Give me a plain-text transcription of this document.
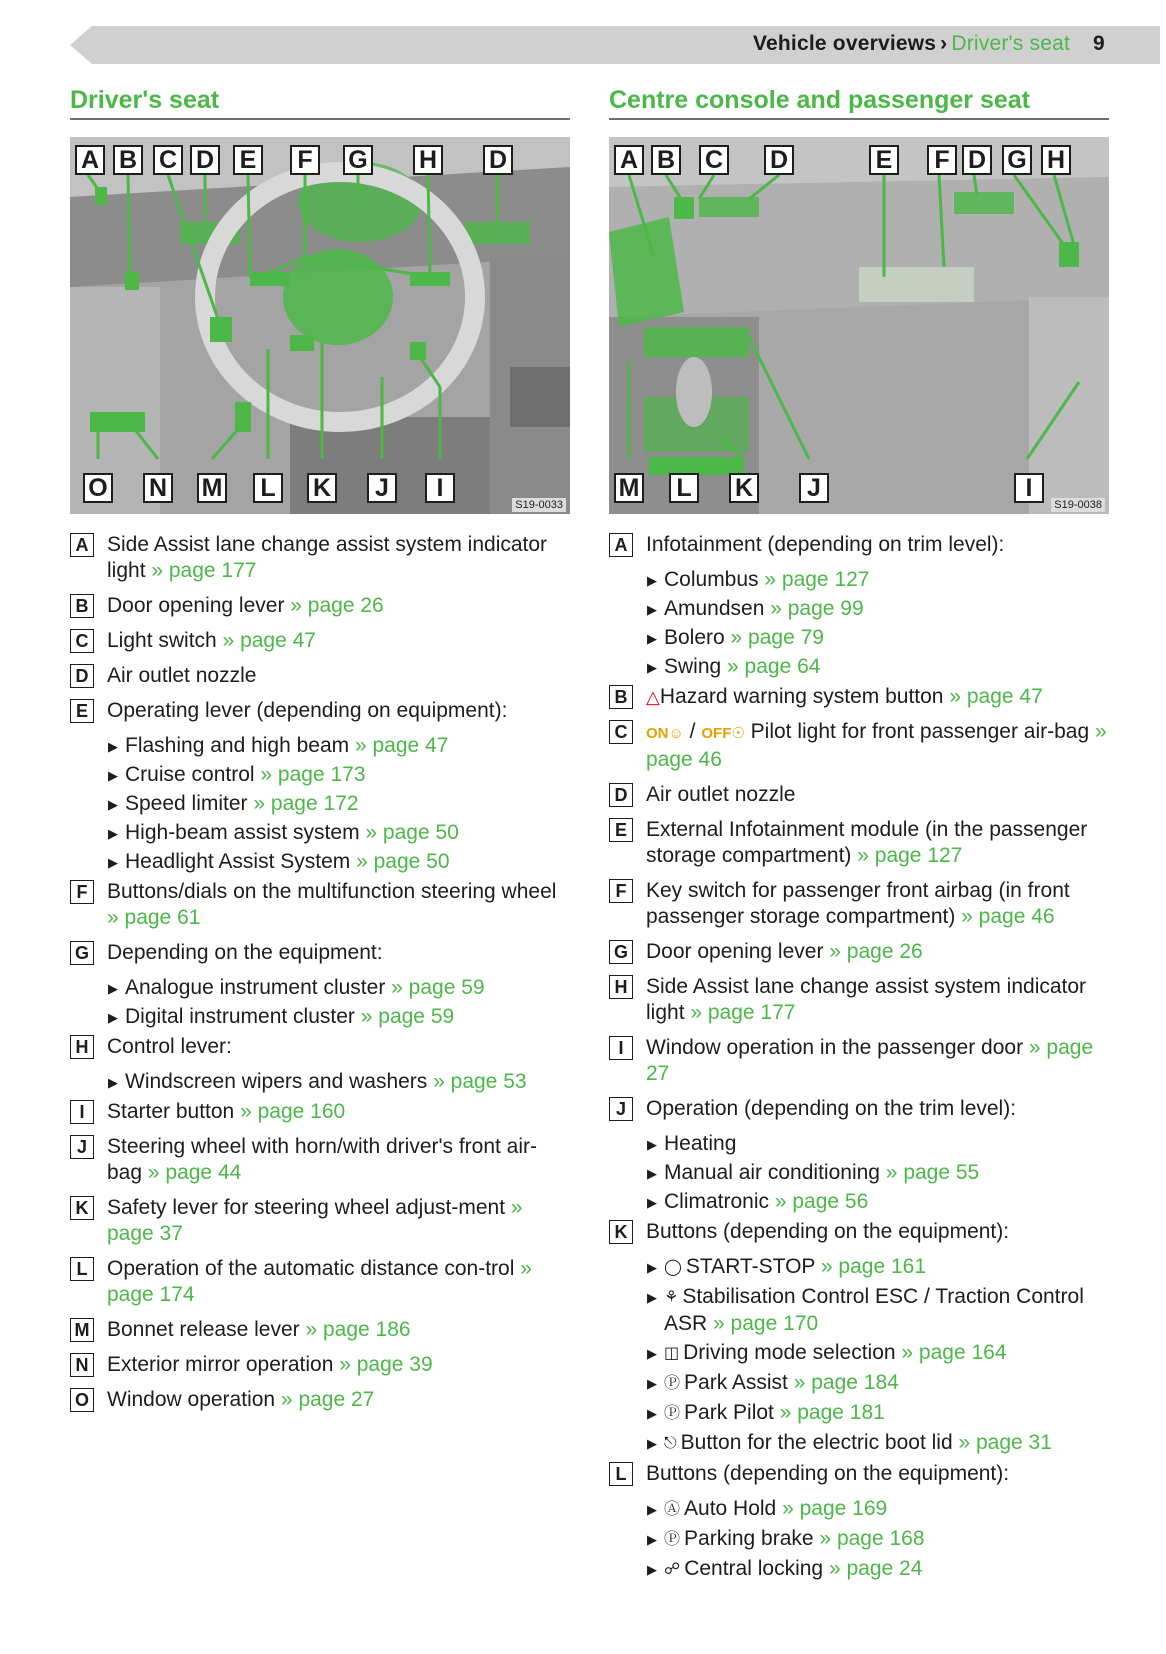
Vehicle overviews › Driver's seat 9
Driver's seat
A B C D E F G H D
O N M L K	J	I
S19-0033
A Side Assist lane change assist system indicator light » page 177
B Door opening lever » page 26
C Light switch » page 47
D Air outlet nozzle
E Operating lever (depending on equipment):
▶ Flashing and high beam » page 47
▶ Cruise control » page 173
▶ Speed limiter » page 172
▶ High-beam assist system » page 50
▶ Headlight Assist System » page 50
F Buttons/dials on the multifunction steering wheel » page 61
G Depending on the equipment:
▶ Analogue instrument cluster » page 59
▶ Digital instrument cluster » page 59
H Control lever:
▶ Windscreen wipers and washers » page 53
I	Starter button » page 160
J Steering wheel with horn/with driver's front air-bag » page 44
K Safety lever for steering wheel adjust-ment » page 37
L Operation of the automatic distance con-trol » page 174
M Bonnet release lever » page 186
N Exterior mirror operation » page 39
O Window operation » page 27
Centre console and passenger seat
A B C D	E F D G H
M L K	J	I
S19-0038
A Infotainment (depending on trim level):
▶ Columbus » page 127
▶ Amundsen » page 99
▶ Bolero » page 79
▶ Swing » page 64
B	△Hazard warning system button » page 47
C	ON☺ / OFF☉ Pilot light for front passenger air-bag » page 46
D Air outlet nozzle
E External Infotainment module (in the passenger storage compartment) » page 127
F Key switch for passenger front airbag (in front passenger storage compartment) » page 46
G Door opening lever » page 26
H Side Assist lane change assist system indicator light » page 177
I	Window operation in the passenger door » page 27
J Operation (depending on the trim level):
▶ Heating
▶ Manual air conditioning » page 55
▶ Climatronic » page 56
K Buttons (depending on the equipment):
▶ ◯ START-STOP » page 161
▶ ⚘ Stabilisation Control ESC / Traction Control ASR » page 170
▶ ◫ Driving mode selection » page 164
▶ Ⓟ Park Assist » page 184
▶ Ⓟ Park Pilot » page 181
▶ ⎋ Button for the electric boot lid » page 31
L Buttons (depending on the equipment):
▶ Ⓐ Auto Hold » page 169
▶ Ⓟ Parking brake » page 168
▶ ☍ Central locking » page 24
